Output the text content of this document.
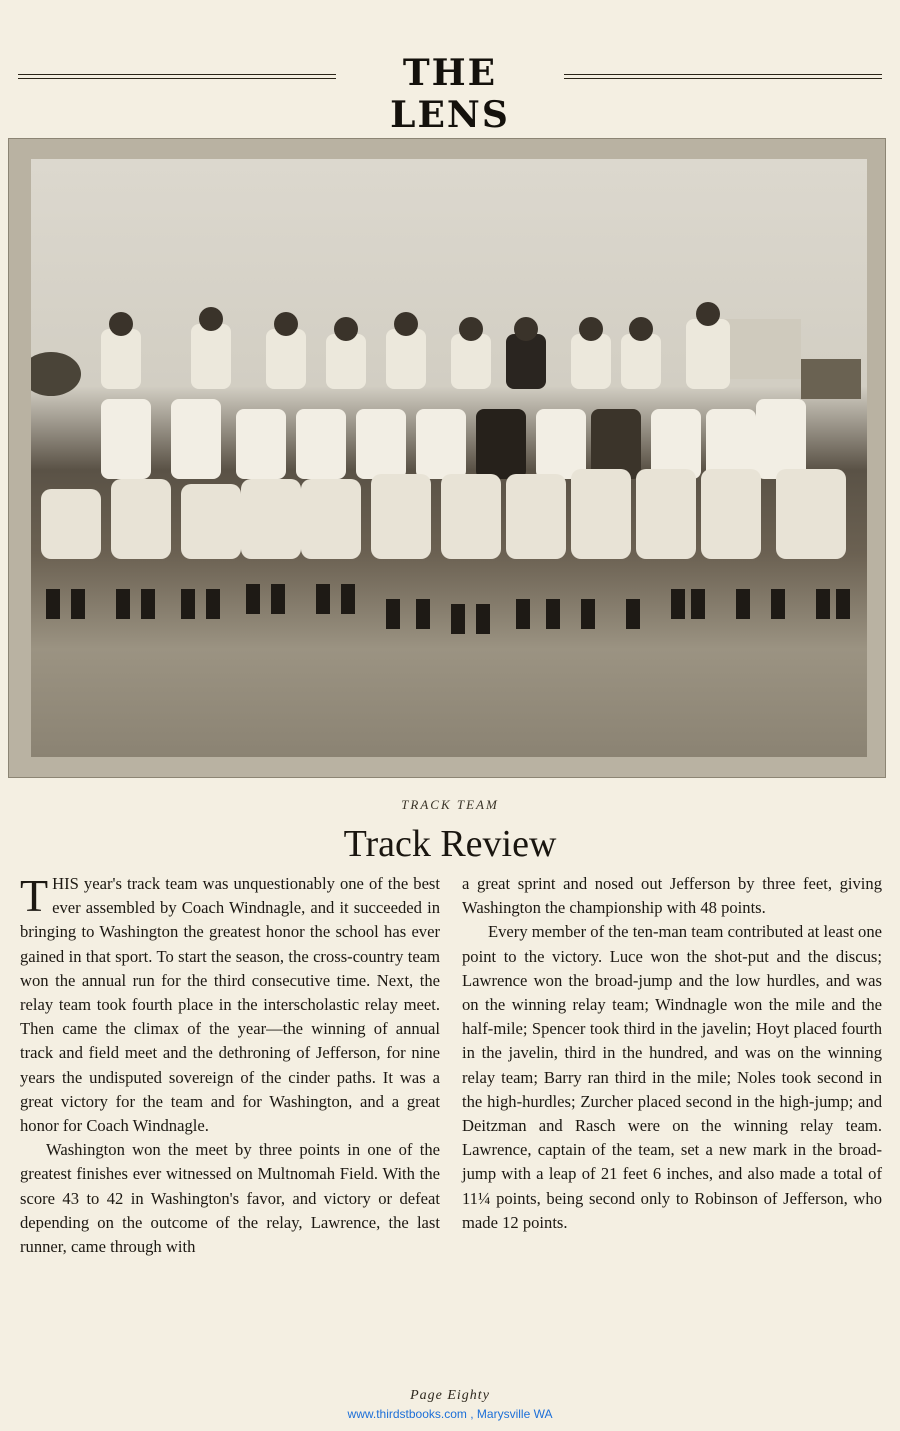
THE LENS
TRACK TEAM
Track Review

THIS year's track team was unquestionably one of the best ever assembled by Coach Windnagle, and it succeeded in bringing to Washington the greatest honor the school has ever gained in that sport. To start the season, the cross-country team won the annual run for the third consecutive time. Next, the relay team took fourth place in the interscholastic relay meet. Then came the climax of the year—the winning of annual track and field meet and the dethroning of Jefferson, for nine years the undisputed sovereign of the cinder paths. It was a great victory for the team and for Washington, and a great honor for Coach Windnagle.

Washington won the meet by three points in one of the greatest finishes ever witnessed on Multnomah Field. With the score 43 to 42 in Washington's favor, and victory or defeat depending on the outcome of the relay, Lawrence, the last runner, came through with

a great sprint and nosed out Jefferson by three feet, giving Washington the championship with 48 points.

Every member of the ten-man team contributed at least one point to the victory. Luce won the shot-put and the discus; Lawrence won the broad-jump and the low hurdles, and was on the winning relay team; Windnagle won the mile and the half-mile; Spencer took third in the javelin; Hoyt placed fourth in the javelin, third in the hundred, and was on the winning relay team; Barry ran third in the mile; Noles took second in the high-hurdles; Zurcher placed second in the high-jump; and Deitzman and Rasch were on the winning relay team. Lawrence, captain of the team, set a new mark in the broad-jump with a leap of 21 feet 6 inches, and also made a total of 11¼ points, being second only to Robinson of Jefferson, who made 12 points.

Page Eighty
www.thirdstbooks.com , Marysville WA
